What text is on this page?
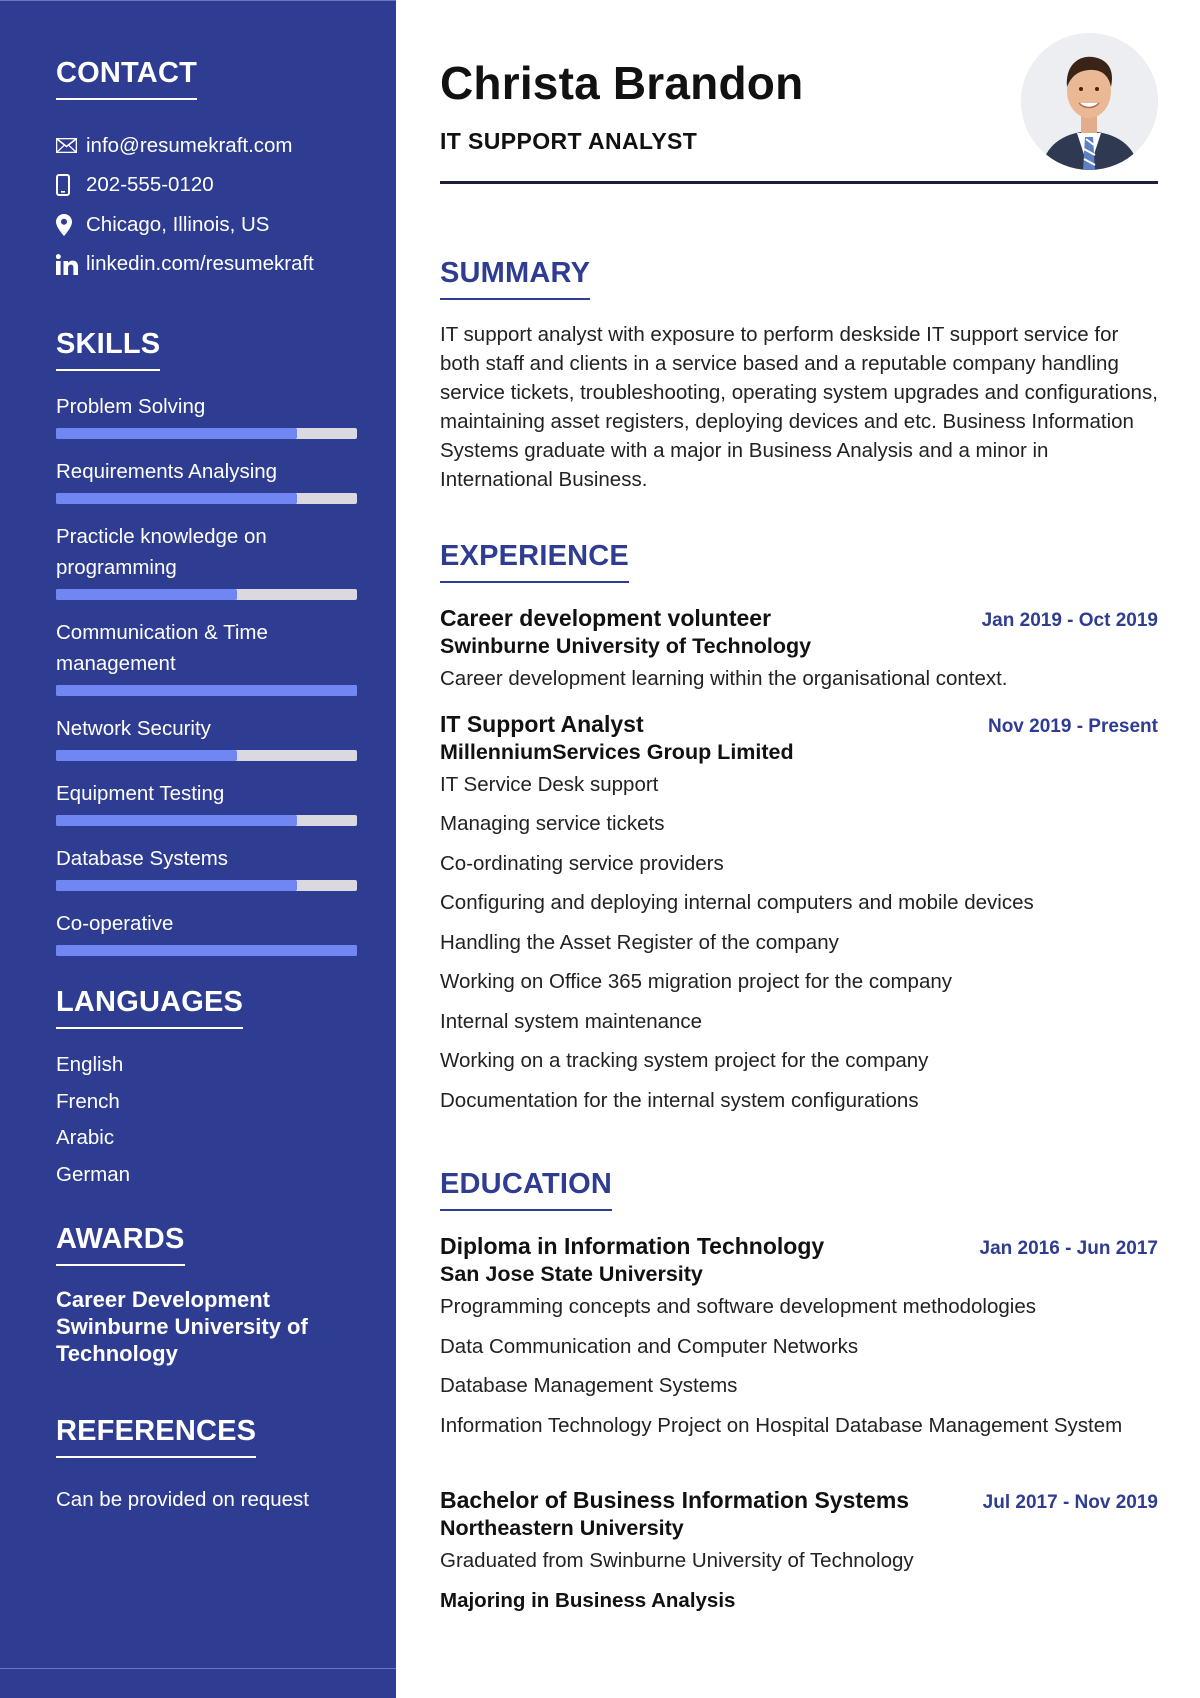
CONTACT
info@resumekraft.com
202-555-0120
Chicago, Illinois, US
linkedin.com/resumekraft
SKILLS
Problem Solving
Requirements Analysing
Practicle knowledge on programming
Communication & Time management
Network Security
Equipment Testing
Database Systems
Co-operative
LANGUAGES
English
French
Arabic
German
AWARDS
Career Development Swinburne University of Technology
REFERENCES
Can be provided on request
Christa Brandon
IT SUPPORT ANALYST
SUMMARY
IT support analyst with exposure to perform deskside IT support service for both staff and clients in a service based and a reputable company handling service tickets, troubleshooting, operating system upgrades and configurations, maintaining asset registers, deploying devices and etc. Business Information Systems graduate with a major in Business Analysis and a minor in International Business.
EXPERIENCE
Career development volunteer	Jan 2019 - Oct 2019
Swinburne University of Technology
Career development learning within the organisational context.
IT Support Analyst	Nov 2019 - Present
MillenniumServices Group Limited
IT Service Desk support
Managing service tickets
Co-ordinating service providers
Configuring and deploying internal computers and mobile devices
Handling the Asset Register of the company
Working on Office 365 migration project for the company
Internal system maintenance
Working on a tracking system project for the company
Documentation for the internal system configurations
EDUCATION
Diploma in Information Technology	Jan 2016 - Jun 2017
San Jose State University
Programming concepts and software development methodologies
Data Communication and Computer Networks
Database Management Systems
Information Technology Project on Hospital Database Management System
Bachelor of Business Information Systems	Jul 2017 - Nov 2019
Northeastern University
Graduated from Swinburne University of Technology
Majoring in Business Analysis
